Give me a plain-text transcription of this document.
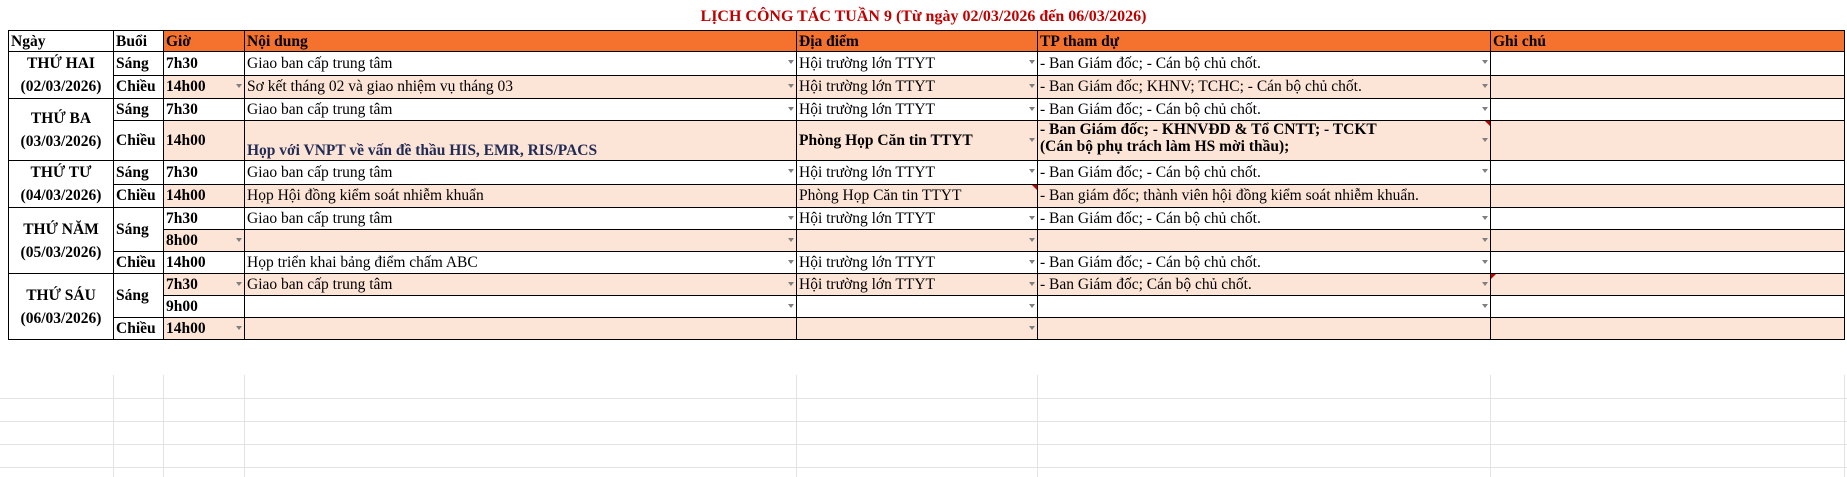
LỊCH CÔNG TÁC TUẦN 9 (Từ ngày 02/03/2026 đến 06/03/2026)
Ngày	Buổi	Giờ	Nội dung	Địa điểm	TP tham dự	Ghi chú
THỨ HAI
(02/03/2026)	Sáng	7h30	Giao ban cấp trung tâm	Hội trường lớn TTYT	- Ban Giám đốc; - Cán bộ chủ chốt.

	Chiều	14h00	Sơ kết tháng 02 và giao nhiệm vụ tháng 03	Hội trường lớn TTYT	- Ban Giám đốc; KHNV; TCHC; - Cán bộ chủ chốt.

THỨ BA
(03/03/2026)	Sáng	7h30	Giao ban cấp trung tâm	Hội trường lớn TTYT	- Ban Giám đốc; - Cán bộ chủ chốt.

	Chiều	14h00	Họp với VNPT về vấn đề thầu HIS, EMR, RIS/PACS	Phòng Họp Căn tin TTYT	- Ban Giám đốc; - KHNVĐD & Tổ CNTT; - TCKT
(Cán bộ phụ trách làm HS mời thầu);

THỨ TƯ
(04/03/2026)	Sáng	7h30	Giao ban cấp trung tâm	Hội trường lớn TTYT	- Ban Giám đốc; - Cán bộ chủ chốt.

	Chiều	14h00	Họp Hội đồng kiểm soát nhiễm khuẩn	Phòng Họp Căn tin TTYT	- Ban giám đốc; thành viên hội đồng kiểm soát nhiễm khuẩn.	
THỨ NĂM
(05/03/2026)	Sáng	7h30	Giao ban cấp trung tâm	Hội trường lớn TTYT	- Ban Giám đốc; - Cán bộ chủ chốt.

		8h00

	Chiều	14h00	Họp triển khai bảng điểm chấm ABC	Hội trường lớn TTYT	- Ban Giám đốc; - Cán bộ chủ chốt.

THỨ SÁU
(06/03/2026)	Sáng	7h30	Giao ban cấp trung tâm	Hội trường lớn TTYT	- Ban Giám đốc; Cán bộ chủ chốt.

		9h00	

	Chiều	14h00
